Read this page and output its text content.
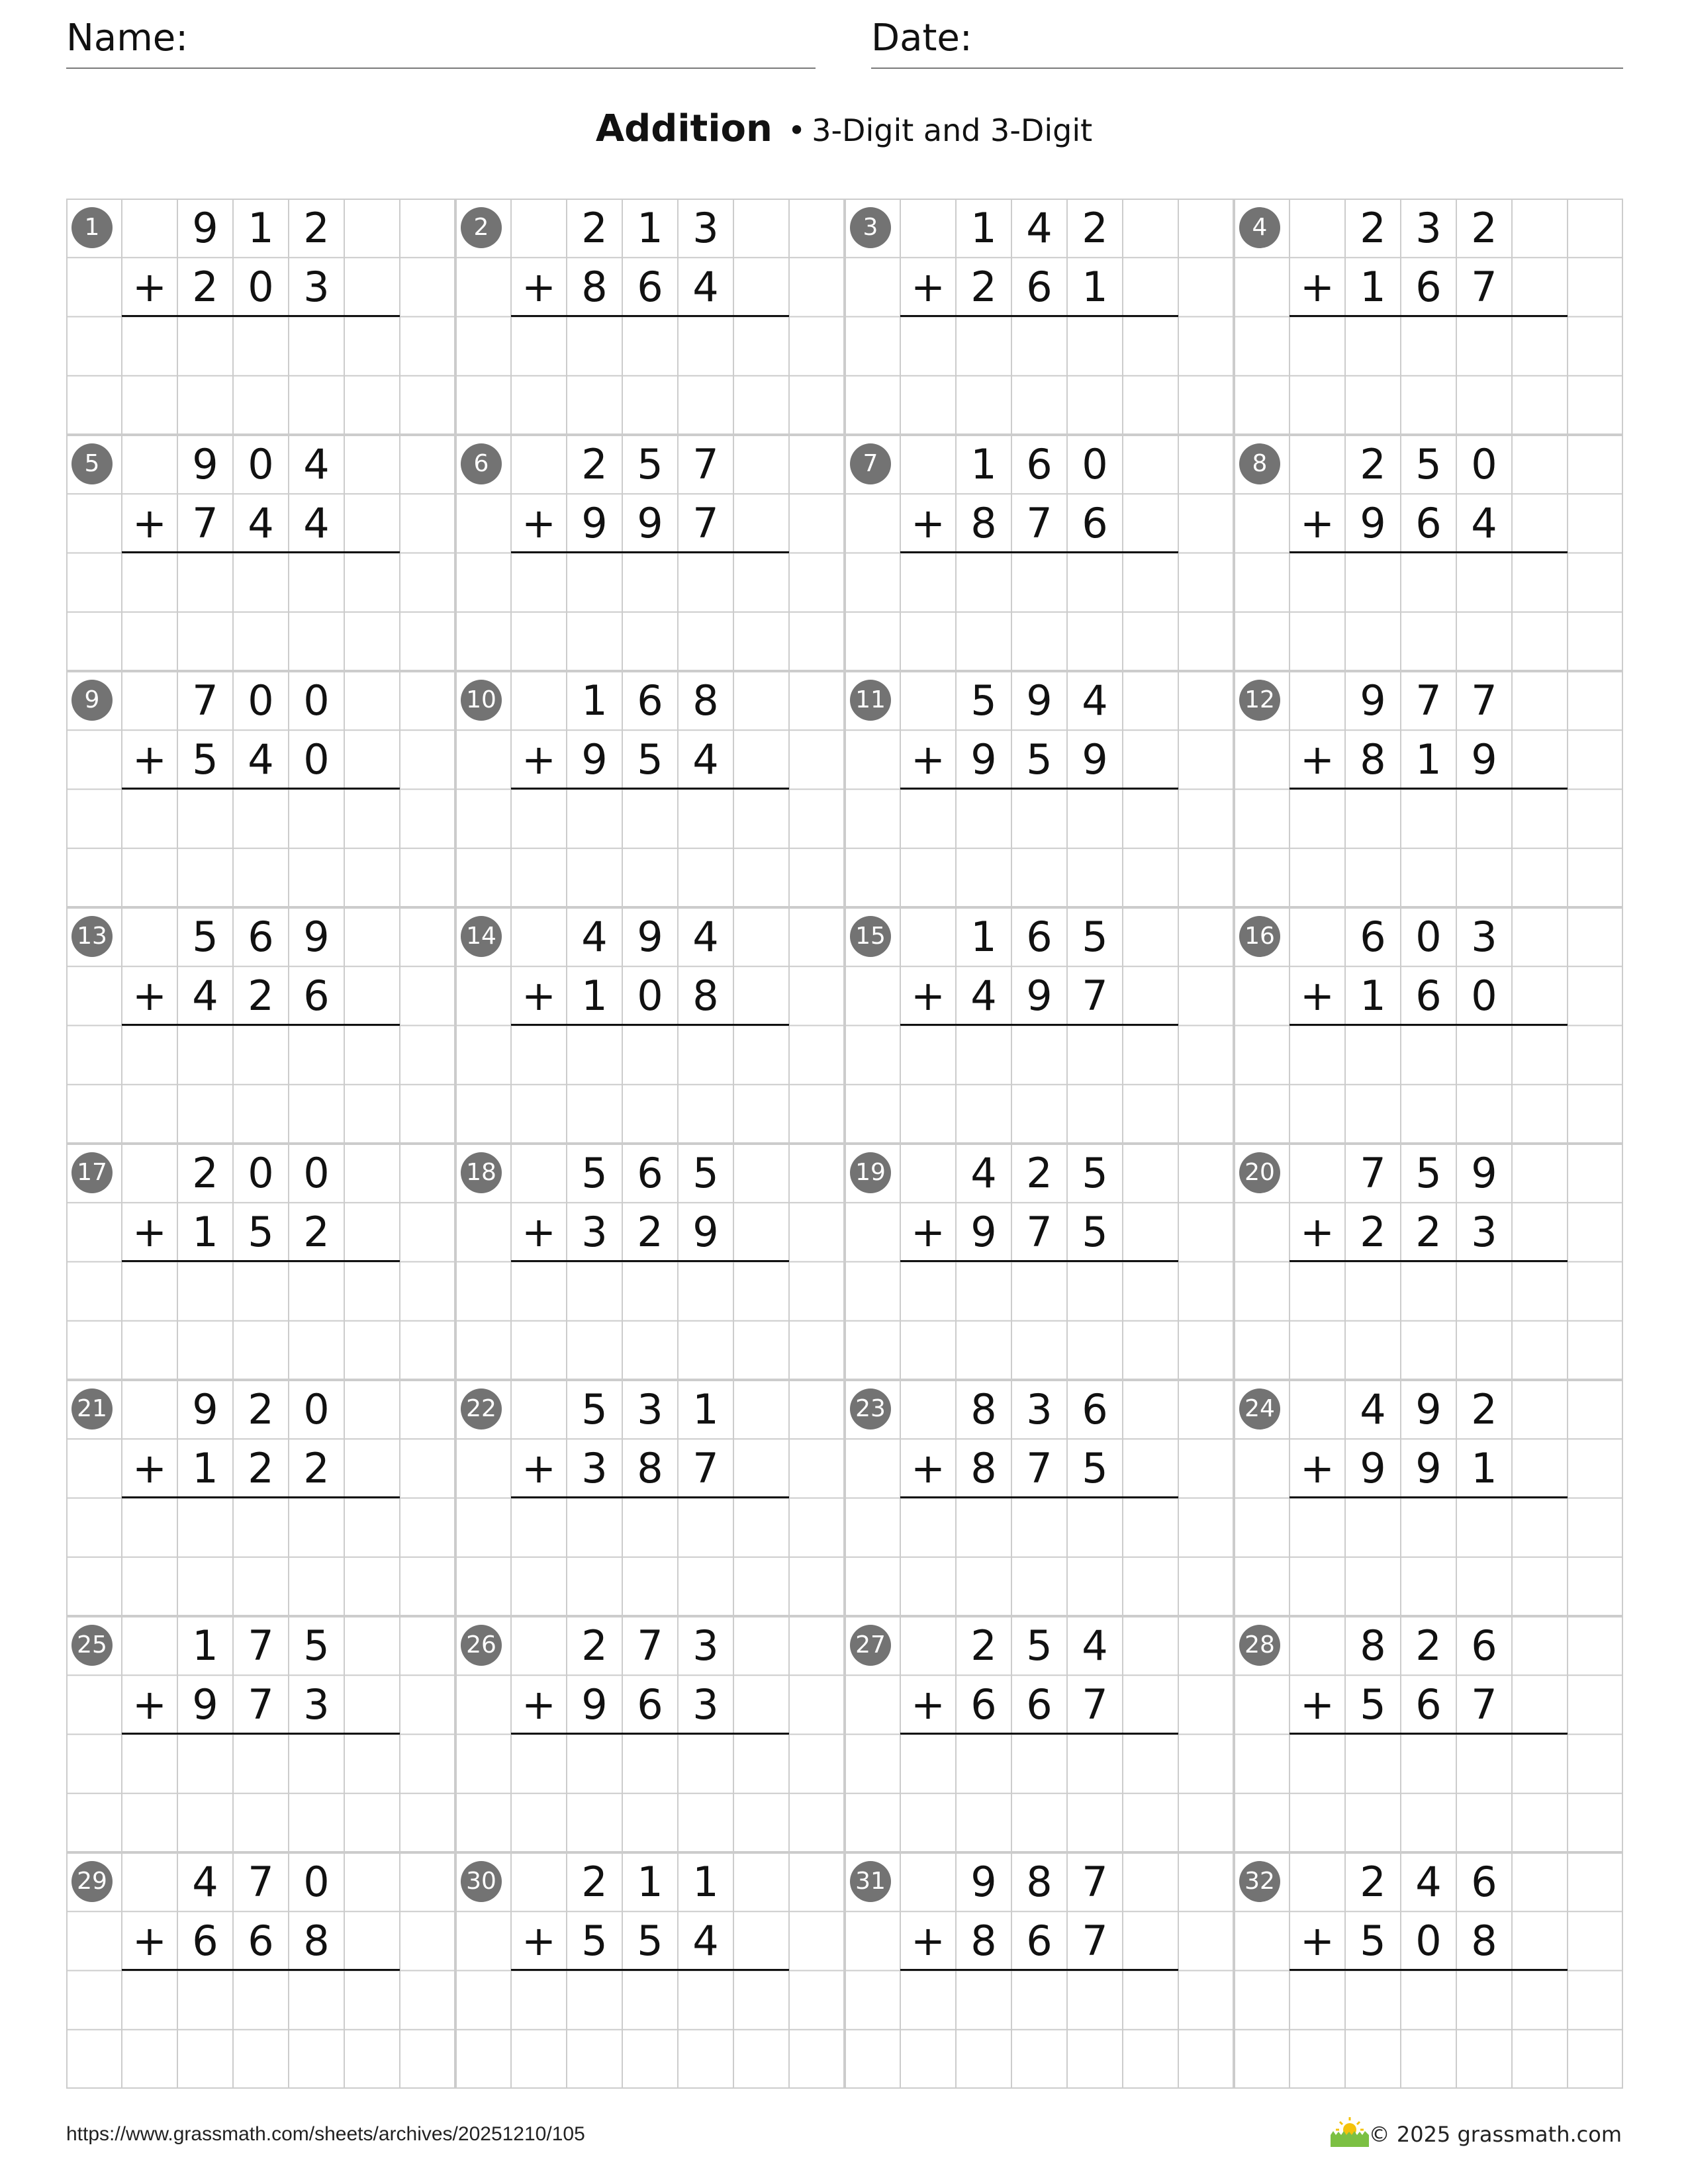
Name:	Date:
Addition • 3-Digit and 3-Digit
1	9 1 2
2 0 3
+
2	2 1 3
8 6 4
+
3	1 4 2
2 6 1
+
4	2 3 2
1 6 7
+
5	9 0 4
7 4 4
+
6	2 5 7
9 9 7
+
7	1 6 0
8 7 6
+
8	2 5 0
9 6 4
+
9	7 0 0
5 4 0
+
10	1 6 8
9 5 4
+
11	5 9 4
9 5 9
+
12	9 7 7
8 1 9
+
13	5 6 9
4 2 6
+
14	4 9 4
1 0 8
+
15	1 6 5
4 9 7
+
16	6 0 3
1 6 0
+
17	2 0 0
1 5 2
+
18	5 6 5
3 2 9
+
19	4 2 5
9 7 5
+
20	7 5 9
2 2 3
+
21	9 2 0
1 2 2
+
22	5 3 1
3 8 7
+
23	8 3 6
8 7 5
+
24	4 9 2
9 9 1
+
25	1 7 5
9 7 3
+
26	2 7 3
9 6 3
+
27	2 5 4
6 6 7
+
28	8 2 6
5 6 7
+
29	4 7 0
6 6 8
+
30	2 1 1
5 5 4
+
31	9 8 7
8 6 7
+
32	2 4 6
5 0 8
+
https://www.grassmath.com/sheets/archives/20251210/105	© 2025 grassmath.com
